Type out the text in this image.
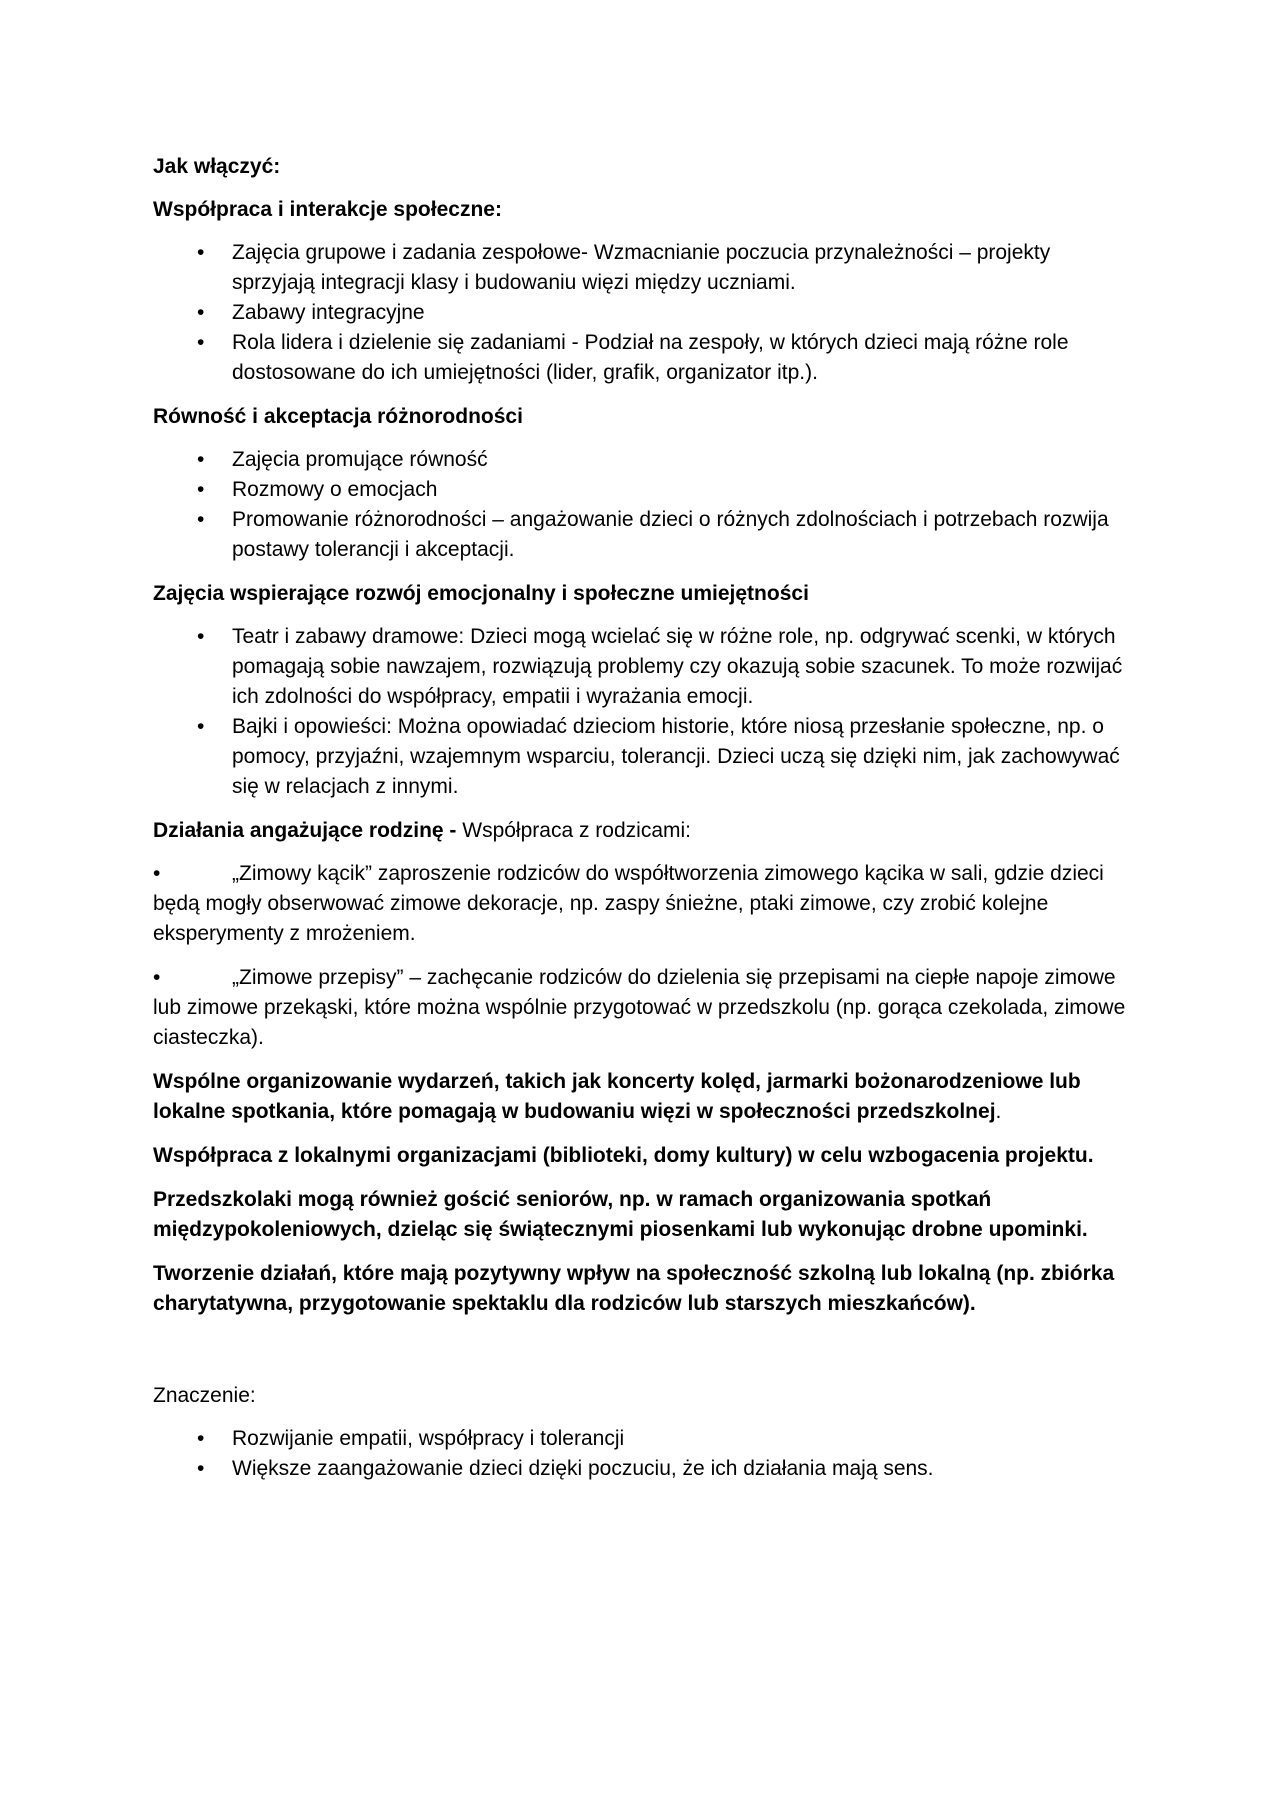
Jak włączyć:

Współpraca i interakcje społeczne:

• Zajęcia grupowe i zadania zespołowe- Wzmacnianie poczucia przynależności – projekty sprzyjają integracji klasy i budowaniu więzi między uczniami.
• Zabawy integracyjne
• Rola lidera i dzielenie się zadaniami - Podział na zespoły, w których dzieci mają różne role dostosowane do ich umiejętności (lider, grafik, organizator itp.).

Równość i akceptacja różnorodności

• Zajęcia promujące równość
• Rozmowy o emocjach
• Promowanie różnorodności – angażowanie dzieci o różnych zdolnościach i potrzebach rozwija postawy tolerancji i akceptacji.

Zajęcia wspierające rozwój emocjonalny i społeczne umiejętności

• Teatr i zabawy dramowe: Dzieci mogą wcielać się w różne role, np. odgrywać scenki, w których pomagają sobie nawzajem, rozwiązują problemy czy okazują sobie szacunek. To może rozwijać ich zdolności do współpracy, empatii i wyrażania emocji.
• Bajki i opowieści: Można opowiadać dzieciom historie, które niosą przesłanie społeczne, np. o pomocy, przyjaźni, wzajemnym wsparciu, tolerancji. Dzieci uczą się dzięki nim, jak zachowywać się w relacjach z innymi.

Działania angażujące rodzinę - Współpraca z rodzicami:

•	„Zimowy kącik” zaproszenie rodziców do współtworzenia zimowego kącika w sali, gdzie dzieci będą mogły obserwować zimowe dekoracje, np. zaspy śnieżne, ptaki zimowe, czy zrobić kolejne eksperymenty z mrożeniem.

•	„Zimowe przepisy” – zachęcanie rodziców do dzielenia się przepisami na ciepłe napoje zimowe lub zimowe przekąski, które można wspólnie przygotować w przedszkolu (np. gorąca czekolada, zimowe ciasteczka).

Wspólne organizowanie wydarzeń, takich jak koncerty kolęd, jarmarki bożonarodzeniowe lub lokalne spotkania, które pomagają w budowaniu więzi w społeczności przedszkolnej.

Współpraca z lokalnymi organizacjami (biblioteki, domy kultury) w celu wzbogacenia projektu.

Przedszkolaki mogą również gościć seniorów, np. w ramach organizowania spotkań międzypokoleniowych, dzieląc się świątecznymi piosenkami lub wykonując drobne upominki.

Tworzenie działań, które mają pozytywny wpływ na społeczność szkolną lub lokalną (np. zbiórka charytatywna, przygotowanie spektaklu dla rodziców lub starszych mieszkańców).

Znaczenie:

• Rozwijanie empatii, współpracy i tolerancji
• Większe zaangażowanie dzieci dzięki poczuciu, że ich działania mają sens.
